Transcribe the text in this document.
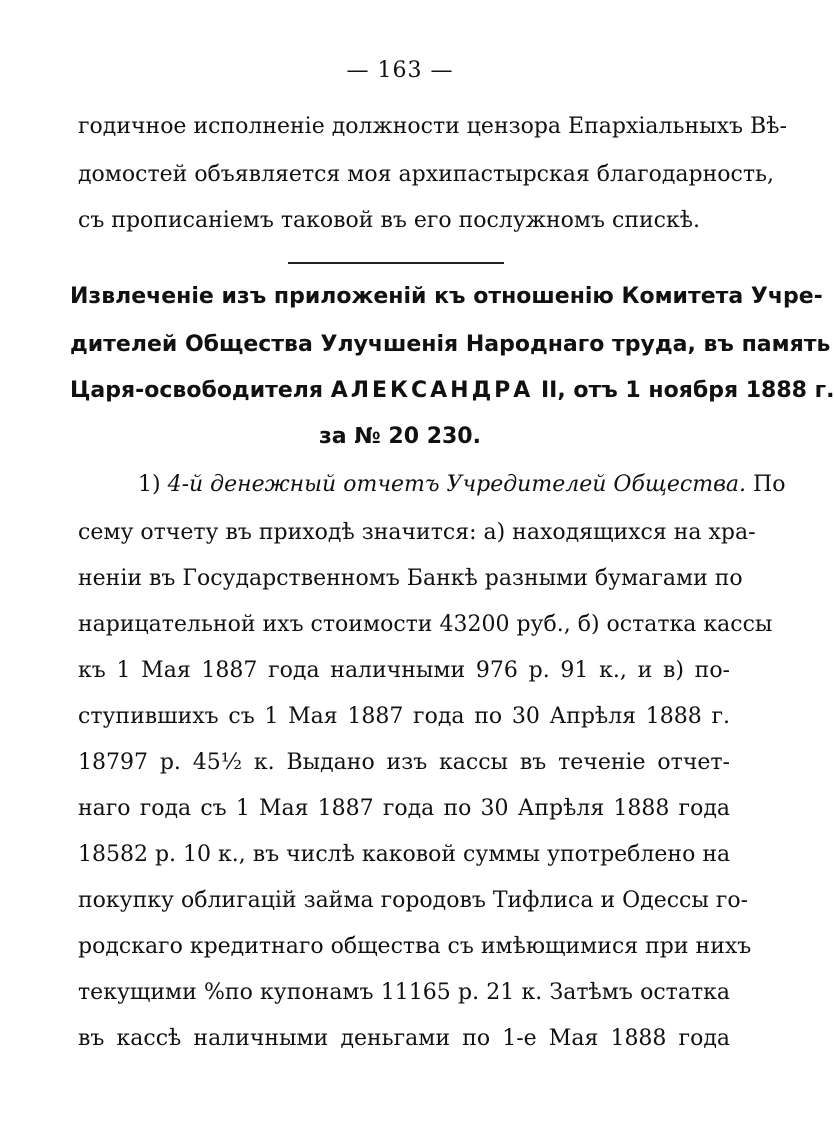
— 163 —
годичное исполненіе должности цензора Епархіальныхъ Вѣ-
домостей объявляется моя архипастырская благодарность,
съ прописаніемъ таковой въ его послужномъ спискѣ.
Извлеченіе изъ приложеній къ отношенію Комитета Учре-
дителей Общества Улучшенія Народнаго труда, въ память
Царя-освободителя АЛЕКСАНДРА II, отъ 1 ноября 1888 г.
за № 20 230.
1) 4-й денежный отчетъ Учредителей Общества. По
сему отчету въ приходѣ значится: а) находящихся на хра-
неніи въ Государственномъ Банкѣ разными бумагами по
нарицательной ихъ стоимости 43200 руб., б) остатка кассы
къ 1 Мая 1887 года наличными 976 р. 91 к., и в) по-
ступившихъ съ 1 Мая 1887 года по 30 Апрѣля 1888 г.
18797 р. 45½ к. Выдано изъ кассы въ теченіе отчет-
наго года съ 1 Мая 1887 года по 30 Апрѣля 1888 года
18582 р. 10 к., въ числѣ каковой суммы употреблено на
покупку облигацій займа городовъ Тифлиса и Одессы го-
родскаго кредитнаго общества съ имѣющимися при нихъ
текущими %по купонамъ 11165 р. 21 к. Затѣмъ остатка
въ кассѣ наличными деньгами по 1-е Мая 1888 года
